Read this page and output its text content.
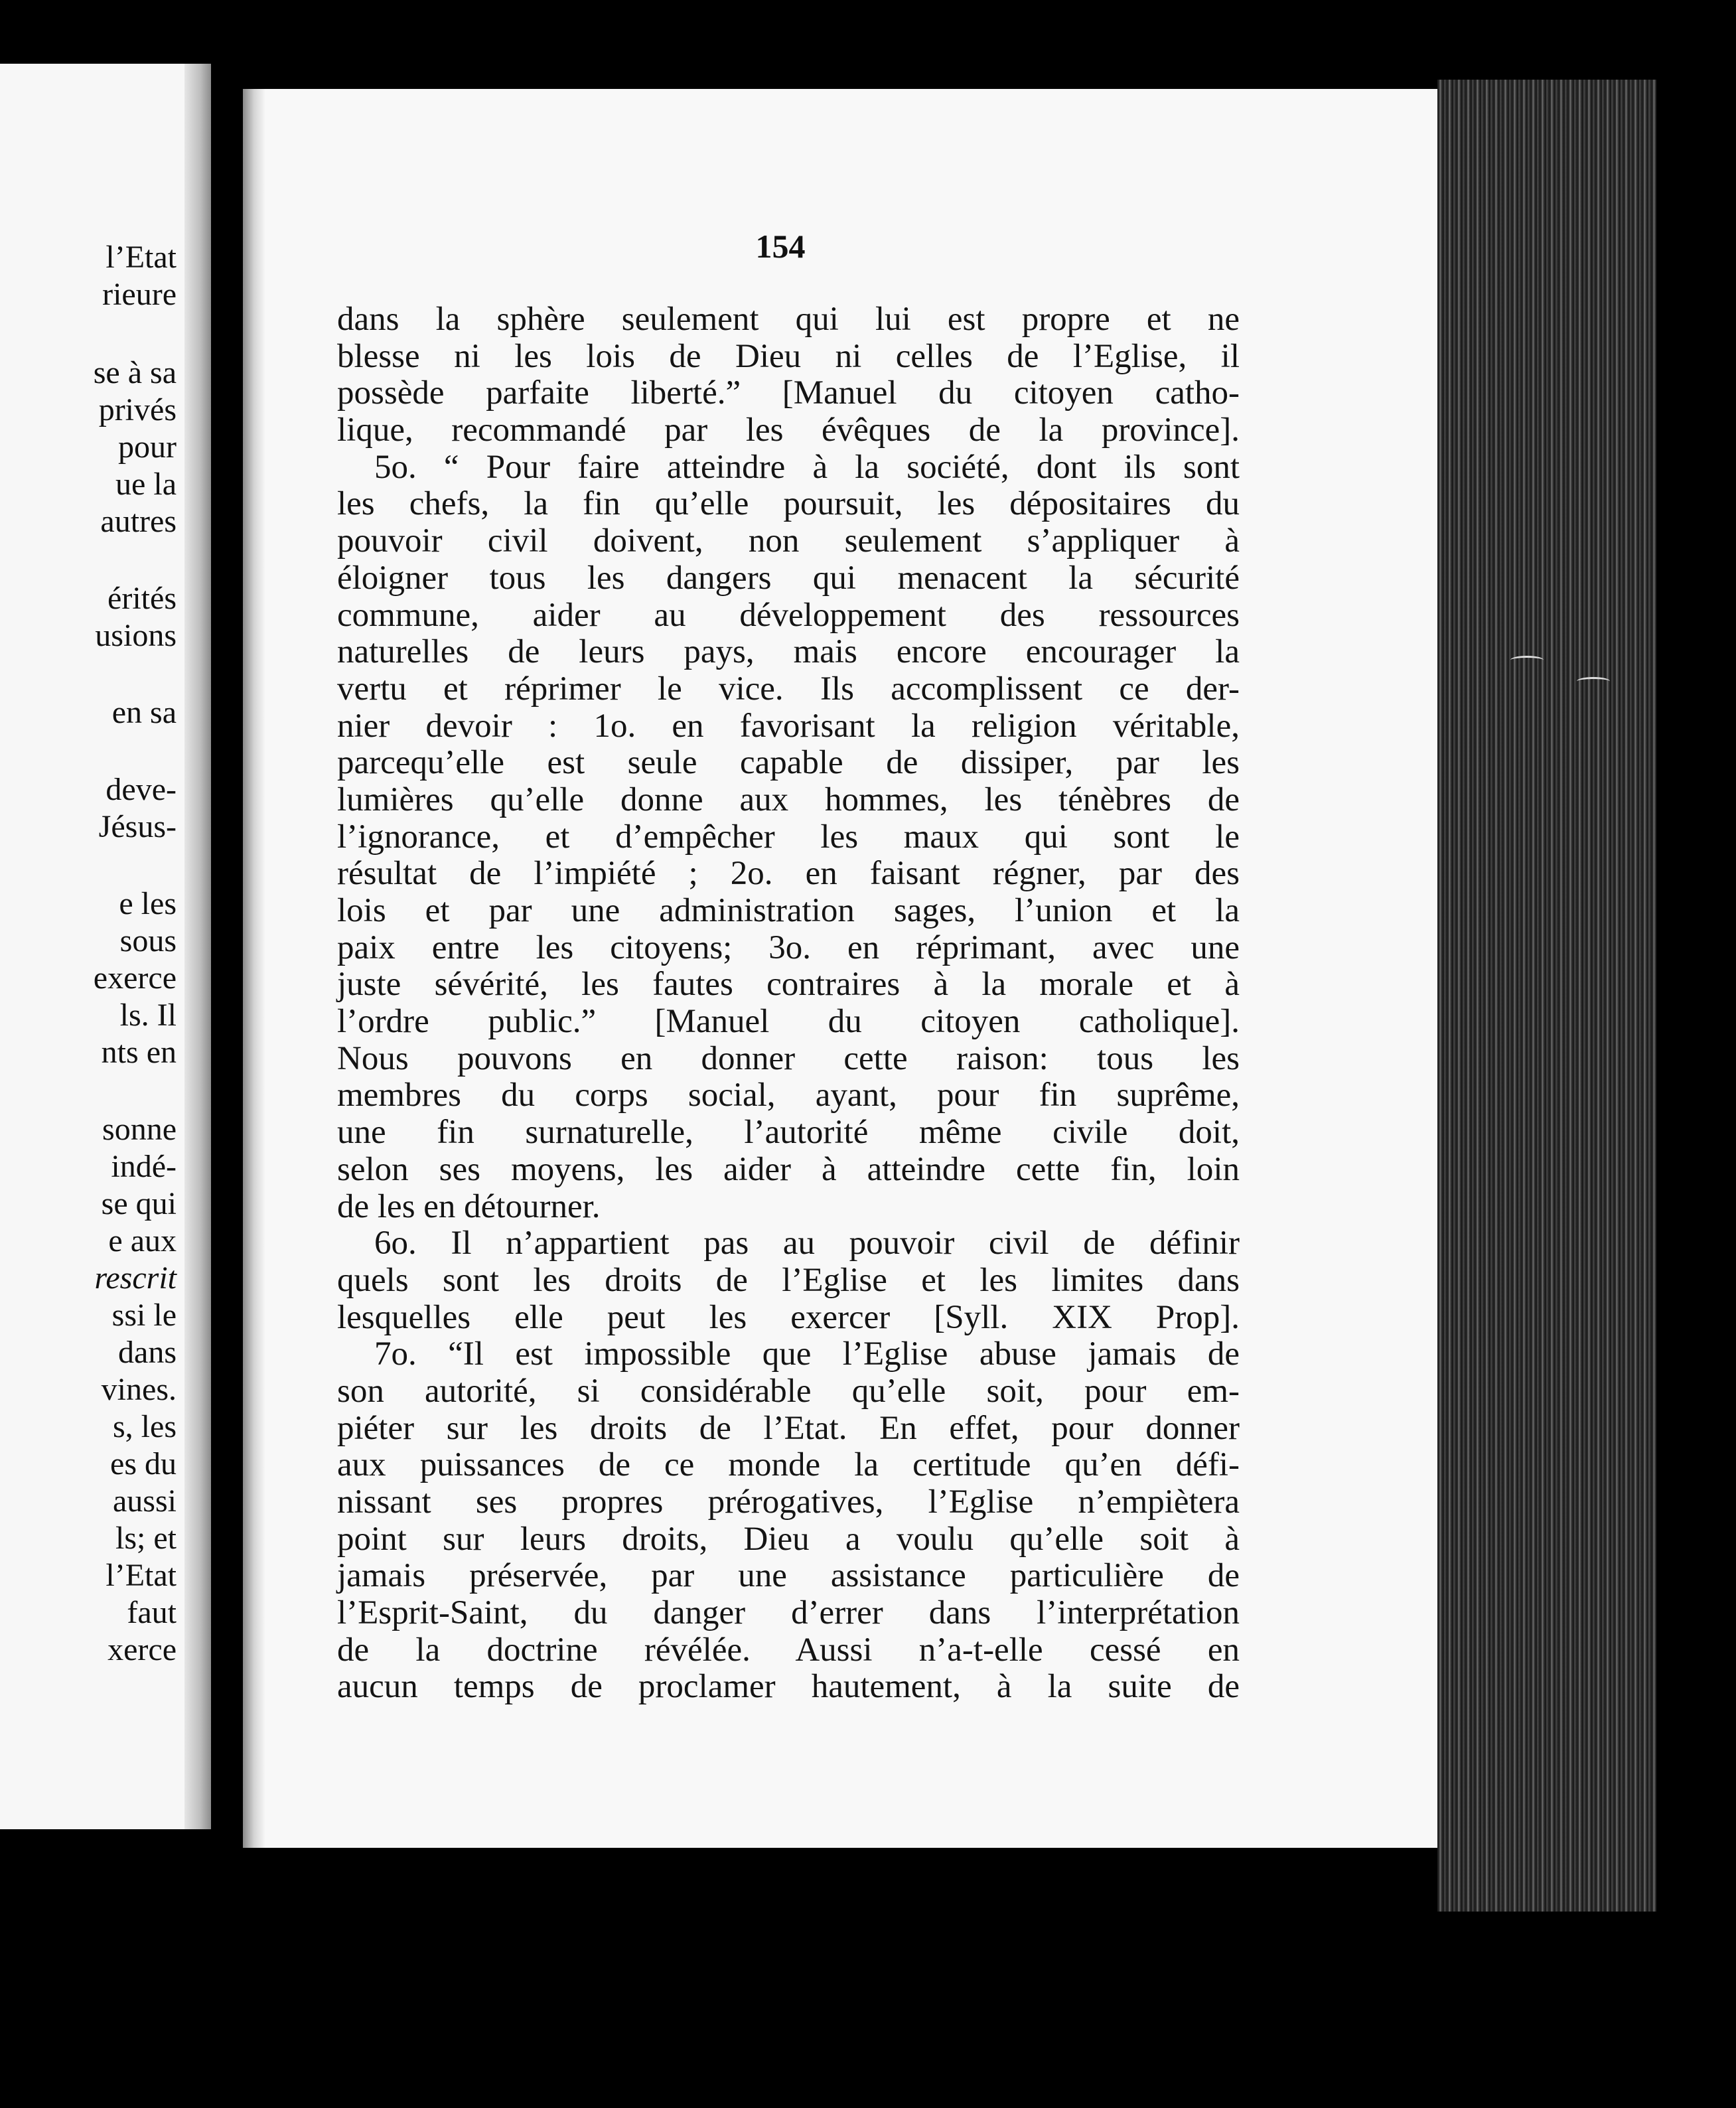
l’Etat
rieure
se à sa
privés
pour
ue la
autres
érités
usions
en sa
deve-
Jésus-
e les
sous
exerce
ls. Il
nts en
sonne
indé-
se qui
e aux
rescrit
ssi le
dans
vines.
s, les
es du
aussi
ls; et
l’Etat
faut
xerce
154
dans la sphère seulement qui lui est propre et ne
blesse ni les lois de Dieu ni celles de l’Eglise, il
possède parfaite liberté.” [Manuel du citoyen catho-
lique, recommandé par les évêques de la province].
5o. “ Pour faire atteindre à la société, dont ils sont
les chefs, la fin qu’elle poursuit, les dépositaires du
pouvoir civil doivent, non seulement s’appliquer à
éloigner tous les dangers qui menacent la sécurité
commune, aider au développement des ressources
naturelles de leurs pays, mais encore encourager la
vertu et réprimer le vice. Ils accomplissent ce der-
nier devoir : 1o. en favorisant la religion véritable,
parcequ’elle est seule capable de dissiper, par les
lumières qu’elle donne aux hommes, les ténèbres de
l’ignorance, et d’empêcher les maux qui sont le
résultat de l’impiété ; 2o. en faisant régner, par des
lois et par une administration sages, l’union et la
paix entre les citoyens; 3o. en réprimant, avec une
juste sévérité, les fautes contraires à la morale et à
l’ordre public.” [Manuel du citoyen catholique].
Nous pouvons en donner cette raison: tous les
membres du corps social, ayant, pour fin suprême,
une fin surnaturelle, l’autorité même civile doit,
selon ses moyens, les aider à atteindre cette fin, loin
de les en détourner.
6o. Il n’appartient pas au pouvoir civil de définir
quels sont les droits de l’Eglise et les limites dans
lesquelles elle peut les exercer [Syll. XIX Prop].
7o. “Il est impossible que l’Eglise abuse jamais de
son autorité, si considérable qu’elle soit, pour em-
piéter sur les droits de l’Etat. En effet, pour donner
aux puissances de ce monde la certitude qu’en défi-
nissant ses propres prérogatives, l’Eglise n’empiètera
point sur leurs droits, Dieu a voulu qu’elle soit à
jamais préservée, par une assistance particulière de
l’Esprit-Saint, du danger d’errer dans l’interprétation
de la doctrine révélée. Aussi n’a-t-elle cessé en
aucun temps de proclamer hautement, à la suite de
